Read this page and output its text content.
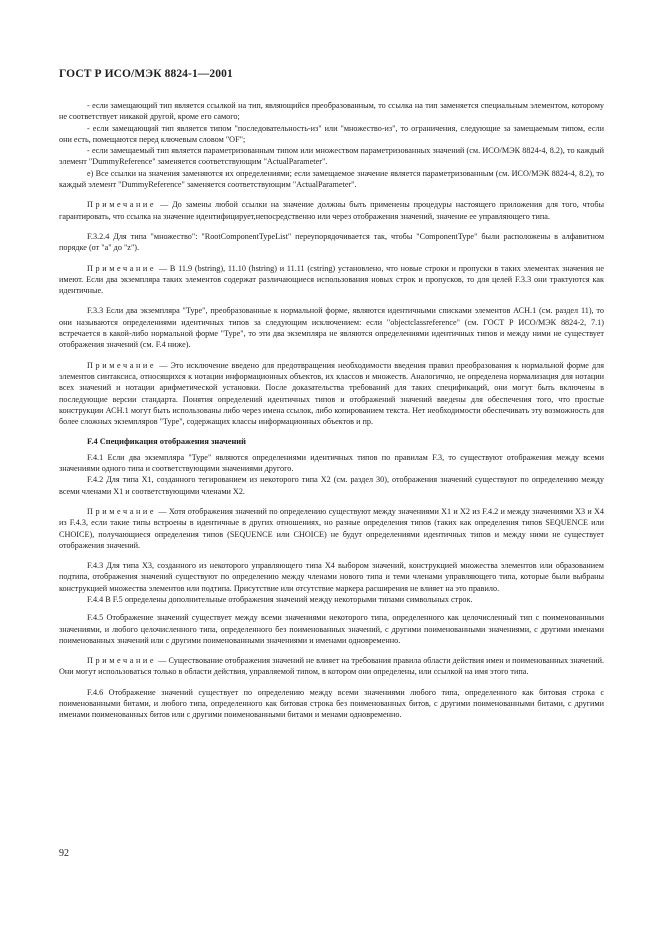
ГОСТ Р ИСО/МЭК 8824-1—2001

- если замещающий тип является ссылкой на тип, являющийся преобразованным, то ссылка на тип заменяется специальным элементом, которому не соответствует никакой другой, кроме его самого;

- если замещающий тип является типом "последовательность-из" или "множество-из", то ограничения, следующие за замещаемым типом, если они есть, помещаются перед ключевым словом "OF";

- если замещаемый тип является параметризованным типом или множеством параметризованных значений (см. ИСО/МЭК 8824-4, 8.2), то каждый элемент "DummyReference" заменяется соответствующим "ActualParameter".

е) Все ссылки на значения заменяются их определениями; если замещаемое значение является параметризованным (см. ИСО/МЭК 8824-4, 8.2), то каждый элемент "DummyReference" заменяется соответствующим "ActualParameter".

Примечание — До замены любой ссылки на значение должны быть применены процедуры настоящего приложения для того, чтобы гарантировать, что ссылка на значение идентифицирует,непосредственно или через отображения значений, значение ее управляющего типа.

F.3.2.4 Для типа "множество": "RootComponentTypeList" переупорядочивается так, чтобы "ComponentType" были расположены в алфавитном порядке (от "a" до "z").

Примечание — В 11.9 (bstring), 11.10 (hstring) и 11.11 (cstring) установлено, что новые строки и пропуски в таких элементах значения не имеют. Если два экземпляра таких элементов содержат различающиеся использования новых строк и пропусков, то для целей F.3.3 они трактуются как идентичные.

F.3.3 Если два экземпляра "Type", преобразованные к нормальной форме, являются идентичными списками элементов АСН.1 (см. раздел 11), то они называются определениями идентичных типов за следующим исключением: если "objectclassreference" (см. ГОСТ Р ИСО/МЭК 8824-2, 7.1) встречается в какой-либо нормальной форме "Type", то эти два экземпляра не являются определениями идентичных типов и между ними не существует отображения значений (см. F.4 ниже).

Примечание — Это исключение введено для предотвращения необходимости введения правил преобразования к нормальной форме для элементов синтаксиса, относящихся к нотации информационных объектов, их классов и множеств. Аналогично, не определена нормализация для нотации всех значений и нотации арифметической установки. После доказательства требований для таких спецификаций, они могут быть включены в последующие версии стандарта. Понятия определений идентичных типов и отображений значений введены для обеспечения того, что простые конструкции АСН.1 могут быть использованы либо через имена ссылок, либо копированием текста. Нет необходимости обеспечивать эту возможность для более сложных экземпляров "Type", содержащих классы информационных объектов и пр.

F.4 Спецификация отображения значений

F.4.1 Если два экземпляра "Type" являются определениями идентичных типов по правилам F.3, то существуют отображения между всеми значениями одного типа и соответствующими значениями другого.

F.4.2 Для типа X1, созданного тегированием из некоторого типа X2 (см. раздел 30), отображения значений существуют по определению между всеми членами X1 и соответствующими членами X2.

Примечание — Хотя отображения значений по определению существуют между значениями X1 и X2 из F.4.2 и между значениями X3 и X4 из F.4.3, если такие типы встроены в идентичные в других отношениях, но разные определения типов (таких как определения типов SEQUENCE или CHOICE), получающиеся определения типов (SEQUENCE или CHOICE) не будут определениями идентичных типов и между ними не существует отображения значений.

F.4.3 Для типа X3, созданного из некоторого управляющего типа X4 выбором значений, конструкцией множества элементов или образованием подтипа, отображения значений существуют по определению между членами нового типа и теми членами управляющего типа, которые были выбраны конструкцией множества элементов или подтипа. Присутствие или отсутствие маркера расширения не влияет на это правило.

F.4.4 В F.5 определены дополнительные отображения значений между некоторыми типами символьных строк.

F.4.5 Отображение значений существует между всеми значениями некоторого типа, определенного как целочисленный тип с поименованными значениями, и любого целочисленного типа, определенного без поименованных значений, с другими поименованными значениями, с другими именами поименованных значений или с другими поименованными значениями и именами одновременно.

Примечание — Существование отображения значений не влияет на требования правила области действия имен и поименованных значений. Они могут использоваться только в области действия, управляемой типом, в котором они определены, или ссылкой на имя этого типа.

F.4.6 Отображение значений существует по определению между всеми значениями любого типа, определенного как битовая строка с поименованными битами, и любого типа, определенного как битовая строка без поименованных битов, с другими поименованными битами, с другими именами поименованных битов или с другими поименованными битами и менами одновременно.

92
